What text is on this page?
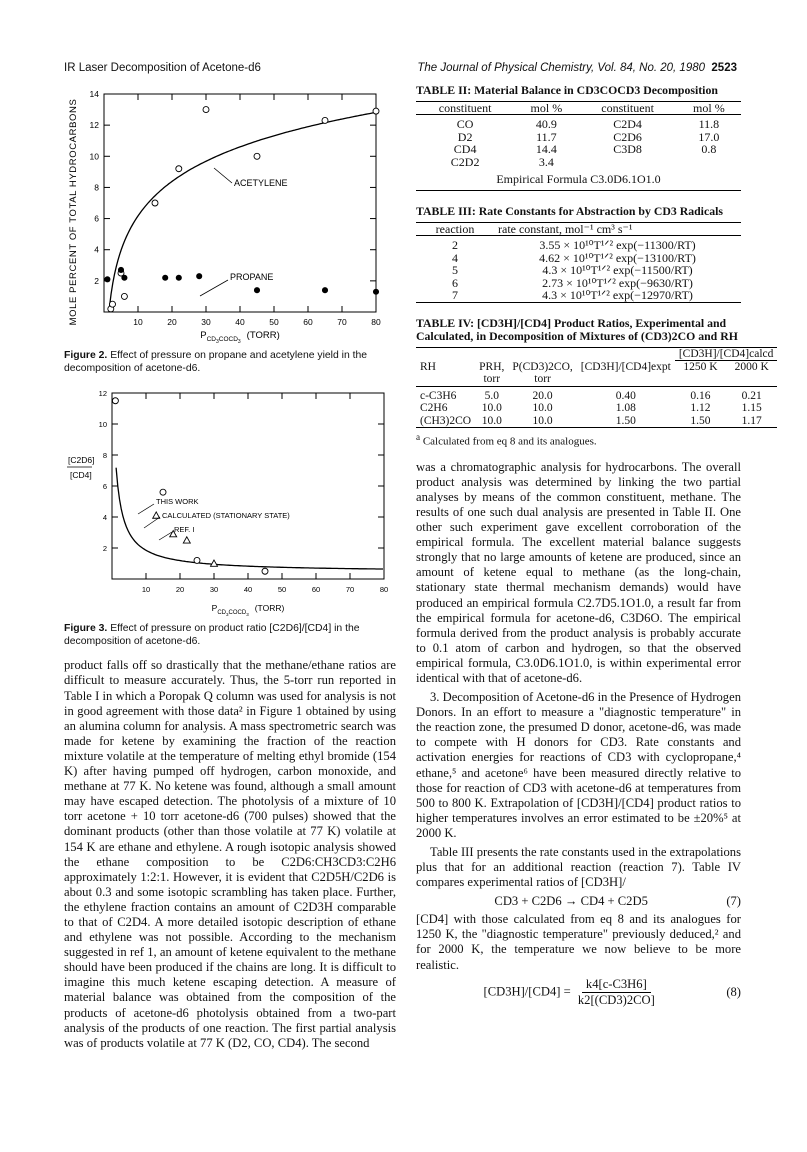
IR Laser Decomposition of Acetone-d6	The Journal of Physical Chemistry, Vol. 84, No. 20, 1980 2523
MOLE PERCENT OF TOTAL HYDROCARBONS 2
4
6
8
10
12
14
10	20	30	40	50	60	70	80
ACETYLENE
PROPANE
$P_{CD_3COCD_3}(TORR)$

Figure 2. Effect of pressure on propane and acetylene yield in the decomposition of acetone-d6.

[C2D6]
[CD4]
2
4
6
8
10
12
10	20	30	40	50	60	70	80
THIS WORK
CALCULATED (STATIONARY STATE)
REF. I
$P_{CD_3COCD_3}(TORR)$

Figure 3. Effect of pressure on product ratio [C2D6]/[CD4] in the decomposition of acetone-d6.

product falls off so drastically that the methane/ethane ratios are difficult to measure accurately. Thus, the 5-torr run reported in Table I in which a Poropak Q column was used for analysis is not in good agreement with those data² in Figure 1 obtained by using an alumina column for analysis. A mass spectrometric search was made for ketene by examining the fraction of the reaction mixture volatile at the temperature of melting ethyl bromide (154 K) after having pumped off hydrogen, carbon monoxide, and methane at 77 K. No ketene was found, although a small amount may have escaped detection. The photolysis of a mixture of 10 torr acetone + 10 torr acetone-d6 (700 pulses) showed that the dominant products (other than those volatile at 77 K) volatile at 154 K are ethane and ethylene. A rough isotopic analysis showed the ethane composition to be C2D6:CH3CD3:C2H6 approximately 1:2:1. However, it is evident that C2D5H/C2D6 is about 0.3 and some isotopic scrambling has taken place. Further, the ethylene fraction contains an amount of C2D3H comparable to that of C2D4. A more detailed isotopic description of ethane and ethylene was not possible. According to the mechanism suggested in ref 1, an amount of ketene equivalent to the methane should have been produced if the chains are long. It is difficult to imagine this much ketene escaping detection. A measure of material balance was obtained from the composition of the products of acetone-d6 photolysis obtained from a two-part analysis of the products of one reaction. The first partial analysis was of products volatile at 77 K (D2, CO, CD4). The second

TABLE II: Material Balance in CD3COCD3 Decomposition
constituent	mol %	constituent	mol %
CO	40.9	C2D4	11.8
D2	11.7	C2D6	17.0
CD4	14.4	C3D8	0.8
C2D2	3.4		
Empirical Formula C3.0D6.1O1.0
TABLE III: Rate Constants for Abstraction by CD3 Radicals
reaction	rate constant, mol⁻¹ cm³ s⁻¹
2	3.55 × 10¹⁰T¹ᐟ² exp(−11300/RT)
4	4.62 × 10¹⁰T¹ᐟ² exp(−13100/RT)
5	4.3 × 10¹⁰T¹ᐟ² exp(−11500/RT)
6	2.73 × 10¹⁰T¹ᐟ² exp(−9630/RT)
7	4.3 × 10¹⁰T¹ᐟ² exp(−12970/RT)
TABLE IV: [CD3H]/[CD4] Product Ratios, Experimental and Calculated, in Decomposition of Mixtures of (CD3)2CO and RH
				[CD3H]/[CD4]calcd	
RH	PRH, torr	P(CD3)2CO, torr	[CD3H]/[CD4]expt	1250 K	2000 K
c-C3H6	5.0	20.0	0.40	0.16	0.21
C2H6	10.0	10.0	1.08	1.12	1.15
(CH3)2CO	10.0	10.0	1.50	1.50	1.17
$^a$ Calculated from eq 8 and its analogues.

was a chromatographic analysis for hydrocarbons. The overall product analysis was determined by linking the two partial analyses by means of the common constituent, methane. The results of one such dual analysis are presented in Table II. One other such experiment gave excellent corroboration of the empirical formula. The excellent material balance suggests strongly that no large amounts of ketene are produced, since an amount of ketene equal to methane (as the long-chain, stationary state thermal mechanism demands) would have produced an empirical formula C2.7D5.1O1.0, a result far from the empirical formula for acetone-d6, C3D6O. The empirical formula derived from the product analysis is probably accurate to 0.1 atom of carbon and hydrogen, so that the observed empirical formula, C3.0D6.1O1.0, is within experimental error identical with that of acetone-d6.

3. Decomposition of Acetone-d6 in the Presence of Hydrogen Donors. In an effort to measure a "diagnostic temperature" in the reaction zone, the presumed D donor, acetone-d6, was made to compete with H donors for CD3. Rate constants and activation energies for reactions of CD3 with cyclopropane,⁴ ethane,⁵ and acetone⁶ have been measured directly relative to those for reaction of CD3 with acetone-d6 at temperatures from 500 to 800 K. Extrapolation of [CD3H]/[CD4] product ratios to higher temperatures involves an error estimated to be ±20%⁵ at 2000 K.

Table III presents the rate constants used in the extrapolations plus that for an additional reaction (reaction 7). Table IV compares experimental ratios of [CD3H]/

CD3 + C2D6 → CD4 + C2D5	(7)

[CD4] with those calculated from eq 8 and its analogues for 1250 K, the "diagnostic temperature" previously deduced,² and for 2000 K, the temperature we now believe to be more realistic.

$[CD3H]/[CD4] = \frac{k4[c-C3H6]}{k2[(CD3)2CO]}$	(8)
